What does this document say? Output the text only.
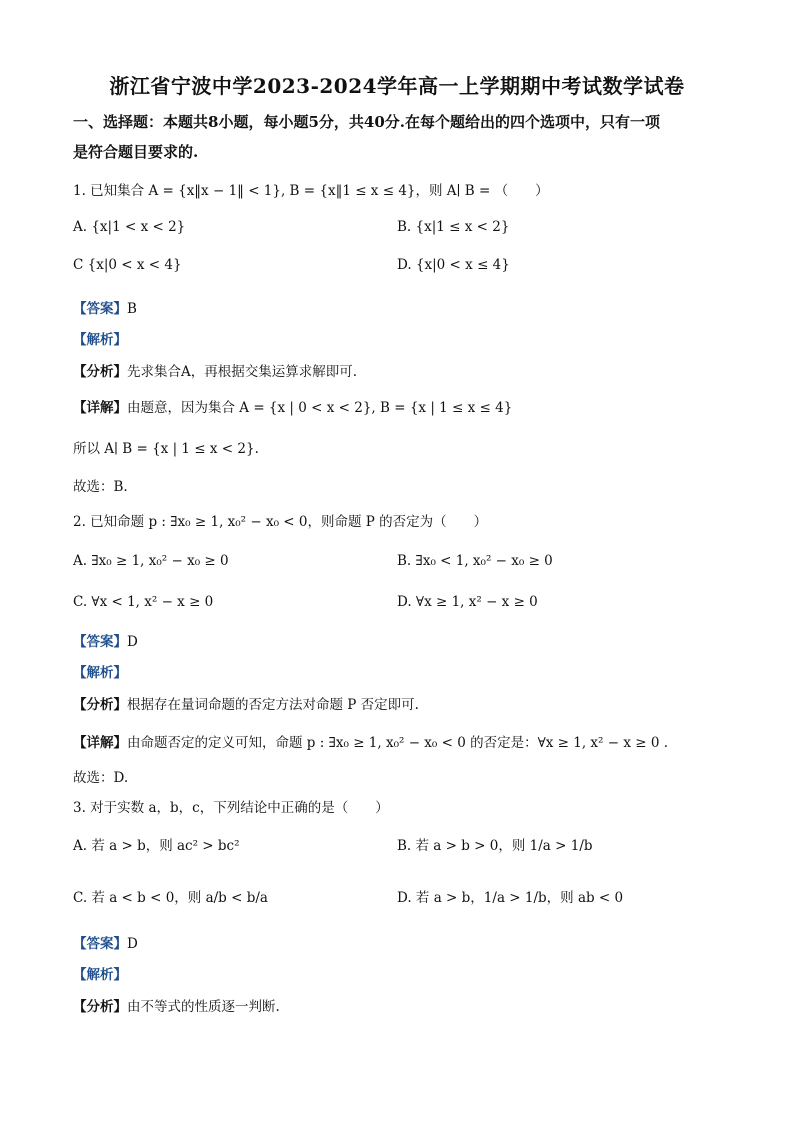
浙江省宁波中学2023-2024学年高一上学期期中考试数学试卷
一、选择题：本题共8小题，每小题5分，共40分.在每个题给出的四个选项中，只有一项
是符合题目要求的.
1. 已知集合 A = {x‖x − 1‖ < 1}, B = {x‖1 ≤ x ≤ 4}，则 A∣ B = （　　）
A. {x|1 < x < 2}	B. {x|1 ≤ x < 2}
C {x|0 < x < 4}	D. {x|0 < x ≤ 4}
【答案】B
【解析】
【分析】先求集合A，再根据交集运算求解即可.
【详解】由题意，因为集合 A = {x | 0 < x < 2}, B = {x | 1 ≤ x ≤ 4}
所以 A∣ B = {x | 1 ≤ x < 2}.
故选：B.
2. 已知命题 p : ∃x₀ ≥ 1, x₀² − x₀ < 0，则命题 P 的否定为（　　）
A. ∃x₀ ≥ 1, x₀² − x₀ ≥ 0	B. ∃x₀ < 1, x₀² − x₀ ≥ 0
C. ∀x < 1, x² − x ≥ 0	D. ∀x ≥ 1, x² − x ≥ 0
【答案】D
【解析】
【分析】根据存在量词命题的否定方法对命题 P 否定即可.
【详解】由命题否定的定义可知，命题 p : ∃x₀ ≥ 1, x₀² − x₀ < 0 的否定是：∀x ≥ 1, x² − x ≥ 0 .
故选：D.
3. 对于实数 a，b，c，下列结论中正确的是（　　）
A. 若 a > b，则 ac² > bc²	B. 若 a > b > 0，则 1/a > 1/b
C. 若 a < b < 0，则 a/b < b/a	D. 若 a > b，1/a > 1/b，则 ab < 0
【答案】D
【解析】
【分析】由不等式的性质逐一判断.
